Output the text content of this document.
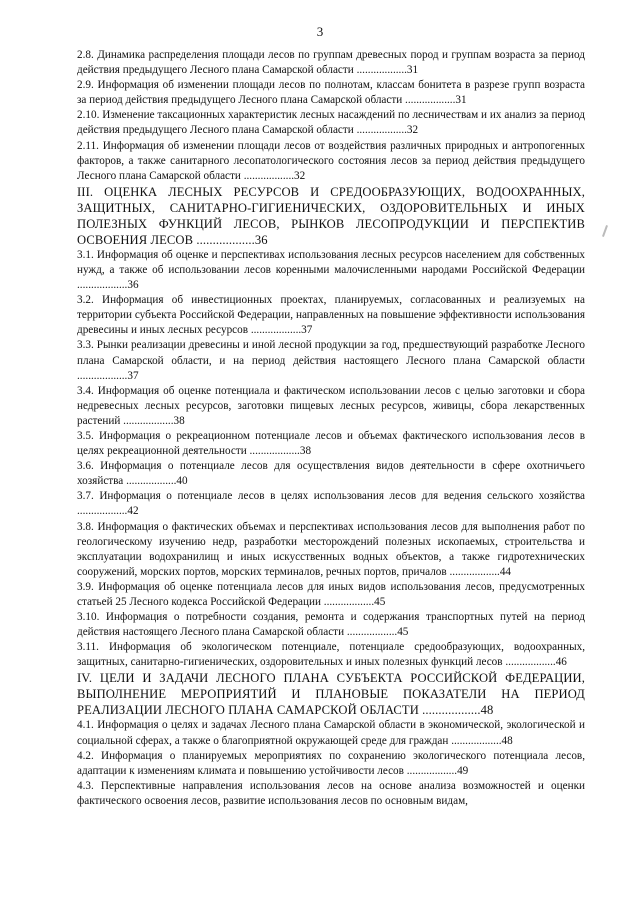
3

2.8. Динамика распределения площади лесов по группам древесных пород и группам возраста за период действия предыдущего Лесного плана Самарской области ..................31

2.9. Информация об изменении площади лесов по полнотам, классам бонитета в разрезе групп возраста за период действия предыдущего Лесного плана Самарской области ..................31

2.10. Изменение таксационных характеристик лесных насаждений по лесничествам и их анализ за период действия предыдущего Лесного плана Самарской области ..................32

2.11. Информация об изменении площади лесов от воздействия различных природных и антропогенных факторов, а также санитарного лесопатологического состояния лесов за период действия предыдущего Лесного плана Самарской области ..................32

III. ОЦЕНКА ЛЕСНЫХ РЕСУРСОВ И СРЕДООБРАЗУЮЩИХ, ВОДООХРАННЫХ, ЗАЩИТНЫХ, САНИТАРНО-ГИГИЕНИЧЕСКИХ, ОЗДОРОВИТЕЛЬНЫХ И ИНЫХ ПОЛЕЗНЫХ ФУНКЦИЙ ЛЕСОВ, РЫНКОВ ЛЕСОПРОДУКЦИИ И ПЕРСПЕКТИВ ОСВОЕНИЯ ЛЕСОВ ..................36

3.1. Информация об оценке и перспективах использования лесных ресурсов населением для собственных нужд, а также об использовании лесов коренными малочисленными народами Российской Федерации ..................36

3.2. Информация об инвестиционных проектах, планируемых, согласованных и реализуемых на территории субъекта Российской Федерации, направленных на повышение эффективности использования древесины и иных лесных ресурсов ..................37

3.3. Рынки реализации древесины и иной лесной продукции за год, предшествующий разработке Лесного плана Самарской области, и на период действия настоящего Лесного плана Самарской области ..................37

3.4. Информация об оценке потенциала и фактическом использовании лесов с целью заготовки и сбора недревесных лесных ресурсов, заготовки пищевых лесных ресурсов, живицы, сбора лекарственных растений ..................38

3.5. Информация о рекреационном потенциале лесов и объемах фактического использования лесов в целях рекреационной деятельности ..................38

3.6. Информация о потенциале лесов для осуществления видов деятельности в сфере охотничьего хозяйства ..................40

3.7. Информация о потенциале лесов в целях использования лесов для ведения сельского хозяйства ..................42

3.8. Информация о фактических объемах и перспективах использования лесов для выполнения работ по геологическому изучению недр, разработки месторождений полезных ископаемых, строительства и эксплуатации водохранилищ и иных искусственных водных объектов, а также гидротехнических сооружений, морских портов, морских терминалов, речных портов, причалов ..................44

3.9. Информация об оценке потенциала лесов для иных видов использования лесов, предусмотренных статьей 25 Лесного кодекса Российской Федерации ..................45

3.10. Информация о потребности создания, ремонта и содержания транспортных путей на период действия настоящего Лесного плана Самарской области ..................45

3.11. Информация об экологическом потенциале, потенциале средообразующих, водоохранных, защитных, санитарно-гигиенических, оздоровительных и иных полезных функций лесов ..................46

IV. ЦЕЛИ И ЗАДАЧИ ЛЕСНОГО ПЛАНА СУБЪЕКТА РОССИЙСКОЙ ФЕДЕРАЦИИ, ВЫПОЛНЕНИЕ МЕРОПРИЯТИЙ И ПЛАНОВЫЕ ПОКАЗАТЕЛИ НА ПЕРИОД РЕАЛИЗАЦИИ ЛЕСНОГО ПЛАНА САМАРСКОЙ ОБЛАСТИ ..................48

4.1. Информация о целях и задачах Лесного плана Самарской области в экономической, экологической и социальной сферах, а также о благоприятной окружающей среде для граждан ..................48

4.2. Информация о планируемых мероприятиях по сохранению экологического потенциала лесов, адаптации к изменениям климата и повышению устойчивости лесов ..................49

4.3. Перспективные направления использования лесов на основе анализа возможностей и оценки фактического освоения лесов, развитие использования лесов по основным видам,
